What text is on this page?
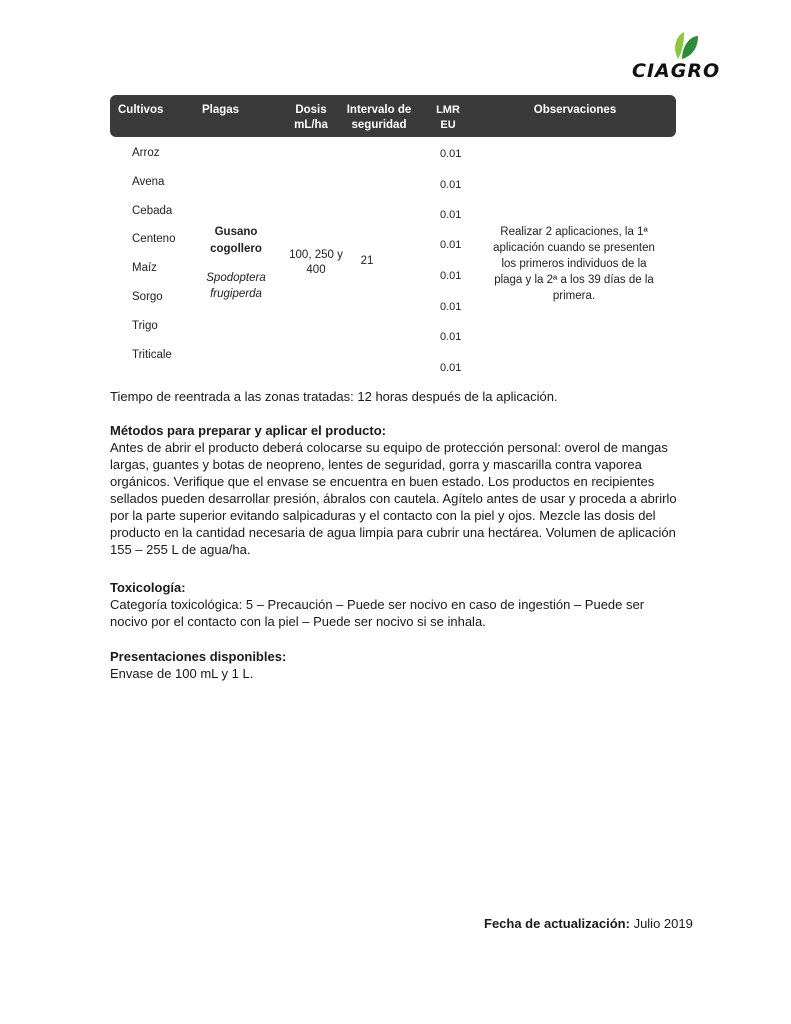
CIAGRO
Cultivos	Plagas	Dosis mL/ha
Intervalo de seguridad
LMR EU
Observaciones
Arroz
Avena
Cebada
Centeno
Maíz
Sorgo
Trigo
Triticale
Gusano cogollero
Spodoptera frugiperda
100, 250 y 400
21
0.01
0.01
0.01
0.01
0.01
0.01
0.01
0.01
Realizar 2 aplicaciones, la 1ª aplicación cuando se presenten los primeros individuos de la plaga y la 2ª a los 39 días de la primera.
Tiempo de reentrada a las zonas tratadas: 12 horas después de la aplicación.
Métodos para preparar y aplicar el producto:
Antes de abrir el producto deberá colocarse su equipo de protección personal: overol de mangas largas, guantes y botas de neopreno, lentes de seguridad, gorra y mascarilla contra vaporea orgánicos. Verifique que el envase se encuentra en buen estado. Los productos en recipientes sellados pueden desarrollar presión, ábralos con cautela. Agítelo antes de usar y proceda a abrirlo por la parte superior evitando salpicaduras y el contacto con la piel y ojos. Mezcle las dosis del producto en la cantidad necesaria de agua limpia para cubrir una hectárea. Volumen de aplicación 155 – 255 L de agua/ha.
Toxicología:
Categoría toxicológica: 5 – Precaución – Puede ser nocivo en caso de ingestión – Puede ser nocivo por el contacto con la piel – Puede ser nocivo si se inhala.
Presentaciones disponibles:
Envase de 100 mL y 1 L.
Fecha de actualización: Julio 2019
